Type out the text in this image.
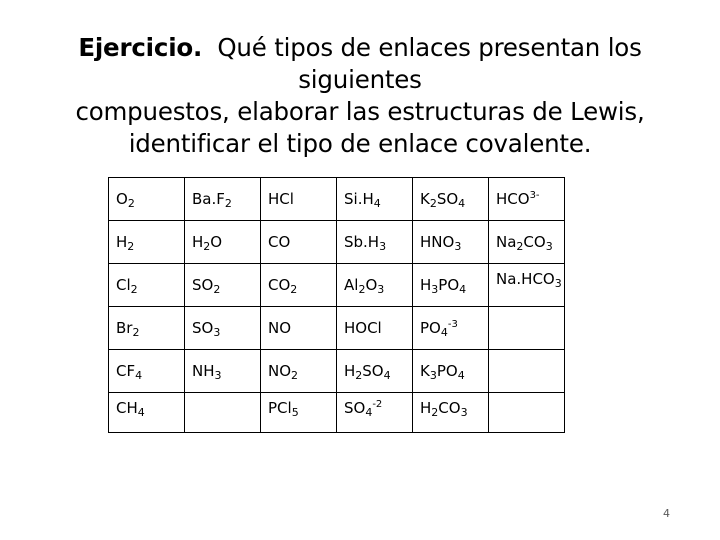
Ejercicio. Qué tipos de enlaces presentan los siguientes
compuestos, elaborar las estructuras de Lewis,
identificar el tipo de enlace covalente.
$O_2$	$Ba.F_2$	HCl	$Si.H_4$	$K_2SO_4$	$HCO^{3-}$
$H_2$	$H_2O$	CO	$Sb.H_3$	$HNO_3$	$Na_2CO_3$
$Cl_2$	$SO_2$	$CO_2$	$Al_2O_3$	$H_3PO_4$	$Na.HCO_3$
$Br_2$	$SO_3$	NO	HOCl	$PO_4^{-3}$	
$CF_4$	$NH_3$	$NO_2$	$H_2SO_4$	$K_3PO_4$	
$CH_4$		PCl$_5$	$SO_4^{-2}$	$H_2CO_3$	
4
